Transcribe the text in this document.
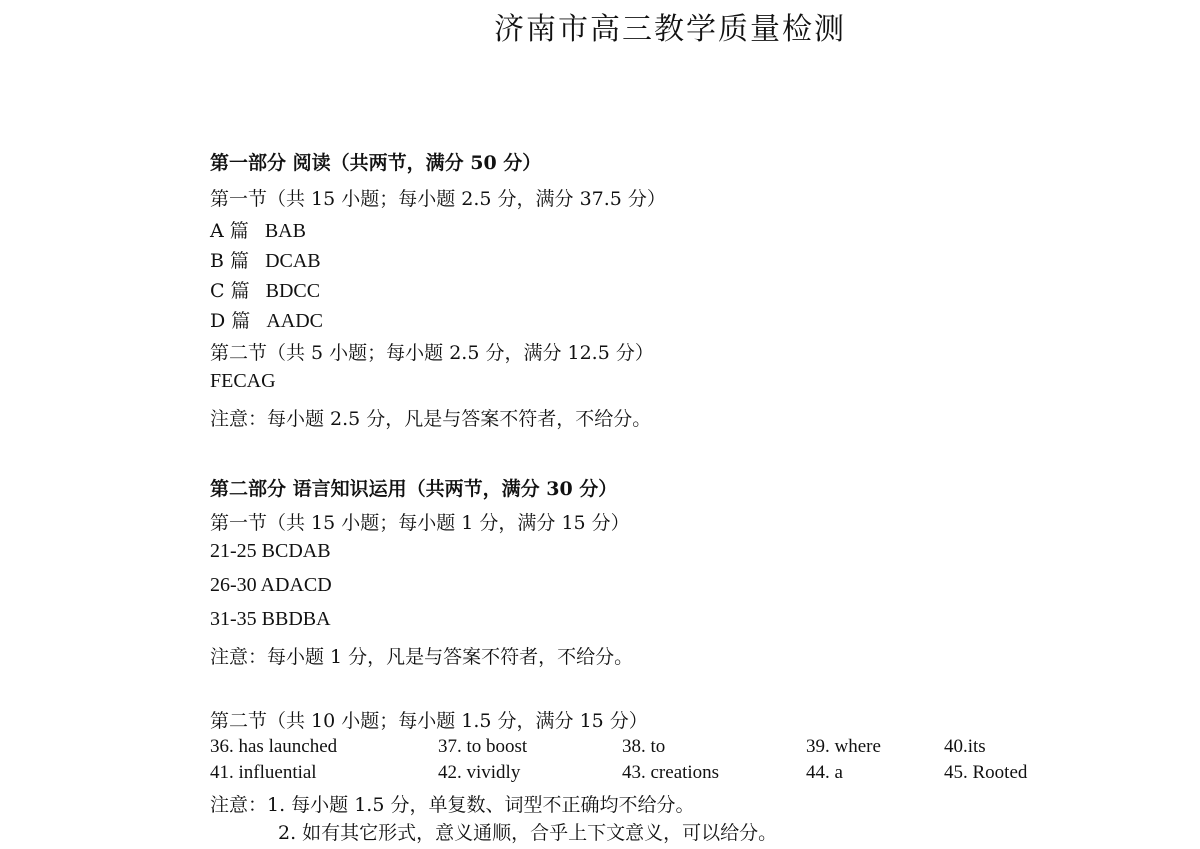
济南市高三教学质量检测

第一部分 阅读（共两节，满分 50 分）

第一节（共 15 小题；每小题 2.5 分，满分 37.5 分）

A 篇 BAB

B 篇 DCAB

C 篇 BDCC

D 篇 AADC

第二节（共 5 小题；每小题 2.5 分，满分 12.5 分）

FECAG

注意：每小题 2.5 分，凡是与答案不符者，不给分。

第二部分 语言知识运用（共两节，满分 30 分）

第一节（共 15 小题；每小题 1 分，满分 15 分）

21-25 BCDAB

26-30 ADACD

31-35 BBDBA

注意：每小题 1 分，凡是与答案不符者，不给分。

第二节（共 10 小题；每小题 1.5 分，满分 15 分）

36. has launched	37. to boost	38. to	39. where	40.its
41. influential	42. vividly	43. creations	44. a	45. Rooted

注意：1. 每小题 1.5 分，单复数、词型不正确均不给分。

2. 如有其它形式，意义通顺，合乎上下文意义，可以给分。
